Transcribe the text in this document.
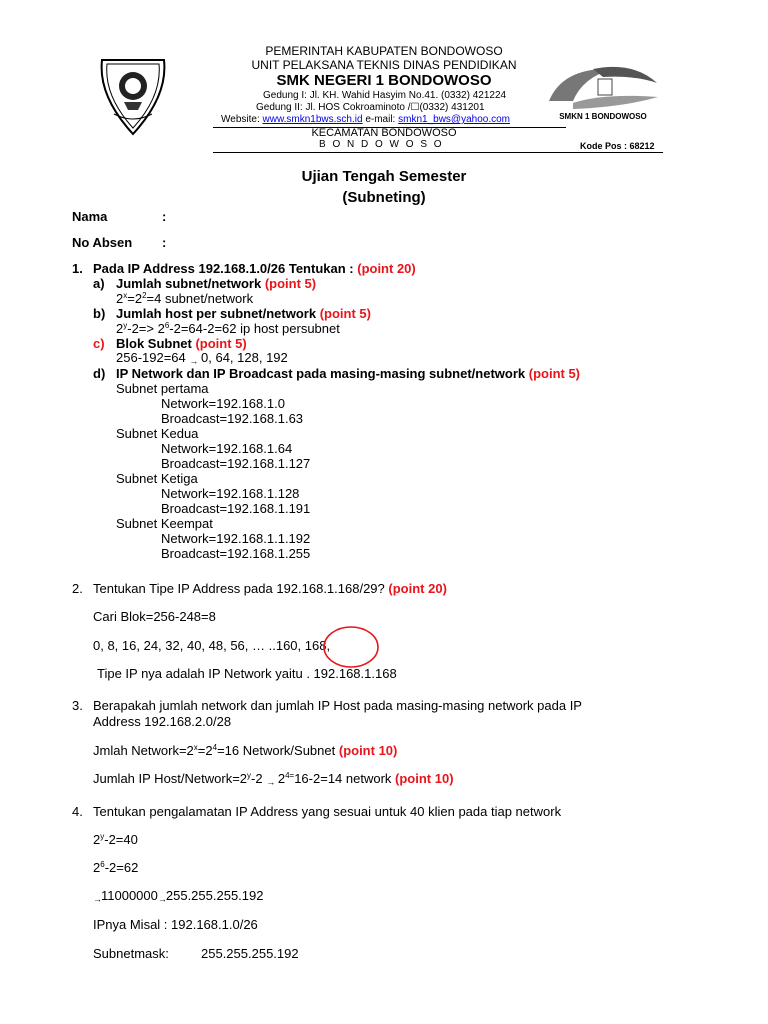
PEMERINTAH KABUPATEN BONDOWOSO
UNIT PELAKSANA TEKNIS DINAS PENDIDIKAN
SMK NEGERI 1 BONDOWOSO
Gedung I: Jl. KH. Wahid Hasyim No.41. (0332) 421224
Gedung II: Jl. HOS Cokroaminoto /☐(0332) 431201
Website: www.smkn1bws.sch.id e-mail: smkn1_bws@yahoo.com
KECAMATAN BONDOWOSO
B O N D O W O S O	Kode Pos : 68212
SMKN 1 BONDOWOSO
Ujian Tengah Semester
(Subneting)
Nama	:
No Absen :
1. Pada IP Address 192.168.1.0/26 Tentukan : (point 20)
a) Jumlah subnet/network (point 5)
$2^x=2^2=4$ subnet/network
b) Jumlah host per subnet/network (point 5)
$2^y-2=> 2^6-2=64-2=62$ ip host persubnet
c) Blok Subnet (point 5)
256-192=64 → 0, 64, 128, 192
d) IP Network dan IP Broadcast pada masing-masing subnet/network (point 5)
Subnet pertama
Network=192.168.1.0
Broadcast=192.168.1.63
Subnet Kedua
Network=192.168.1.64
Broadcast=192.168.1.127
Subnet Ketiga
Network=192.168.1.128
Broadcast=192.168.1.191
Subnet Keempat
Network=192.168.1.1.192
Broadcast=192.168.1.255
2. Tentukan Tipe IP Address pada 192.168.1.168/29? (point 20)
Cari Blok=256-248=8
0, 8, 16, 24, 32, 40, 48, 56, … ..160, 168,
Tipe IP nya adalah IP Network yaitu . 192.168.1.168
3. Berapakah jumlah network dan jumlah IP Host pada masing-masing network pada IP
Address 192.168.2.0/28
Jmlah $Network=2^x=2^4=16$ Network/Subnet (point 10)
Jumlah IP Host/$Network=2^y-2 \to 2^{4=}16-2=14$ network (point 10)
4. Tentukan pengalamatan IP Address yang sesuai untuk 40 klien pada tiap network
$2^y-2=40$
$2^6-2=62$
→11000000→255.255.255.192
IPnya Misal : 192.168.1.0/26
Subnetmask: 255.255.255.192
